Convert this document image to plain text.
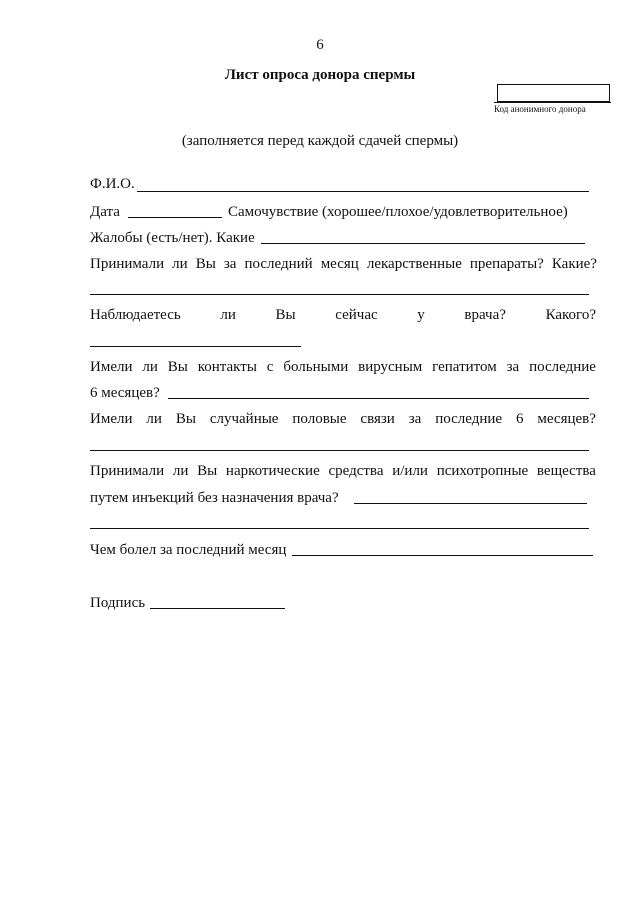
6
Лист опроса донора спермы
Код анонимного донора
(заполняется перед каждой сдачей спермы)
Ф.И.О.
Дата	Самочувствие (хорошее/плохое/удовлетворительное)
Жалобы (есть/нет). Какие
Принимали ли Вы за последний месяц лекарственные препараты? Какие?
Наблюдаетесь	ли	Вы	сейчас	у	врача?	Какого?
Имели ли Вы контакты с больными вирусным гепатитом за последние
6 месяцев?
Имели ли Вы случайные половые связи за последние 6 месяцев?
Принимали ли Вы наркотические средства и/или психотропные вещества
путем инъекций без назначения врача?
Чем болел за последний месяц
Подпись
